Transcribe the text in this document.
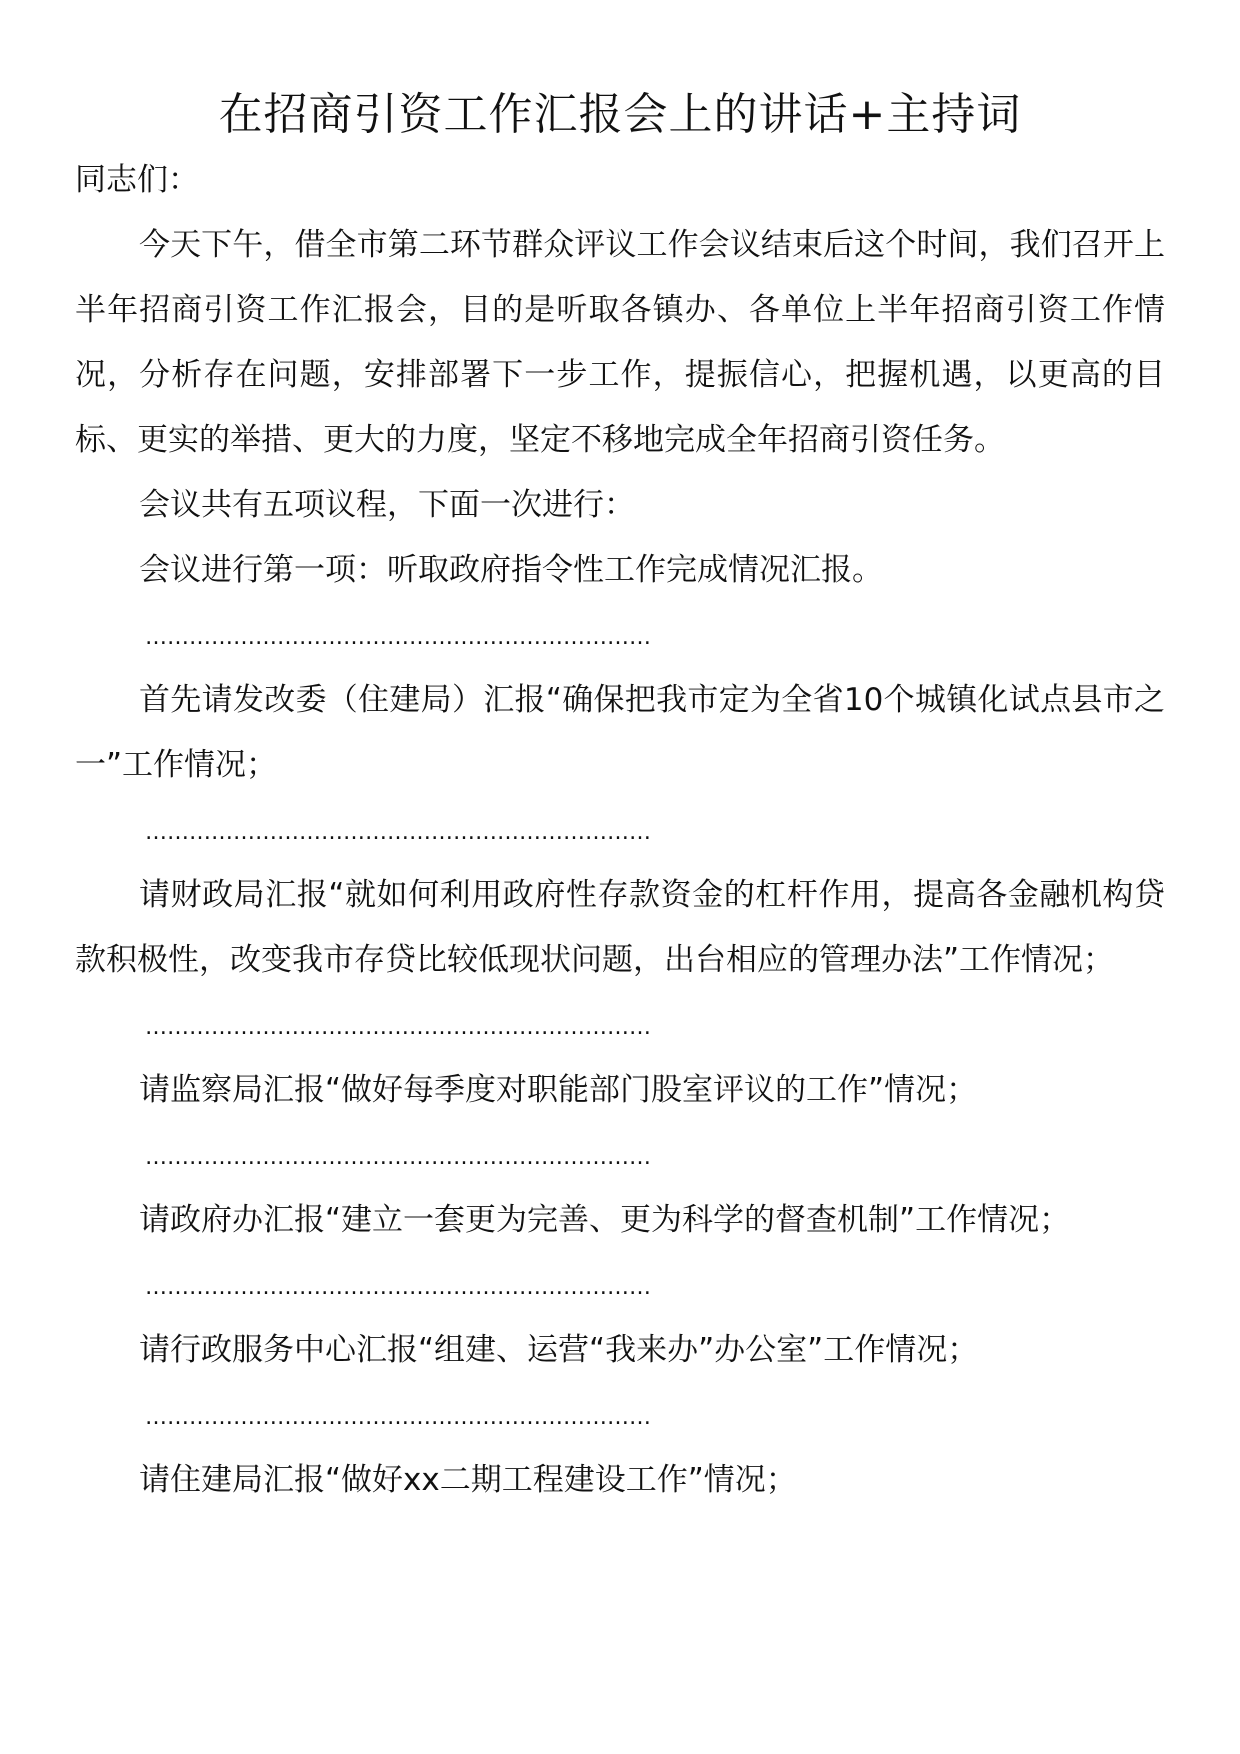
在招商引资工作汇报会上的讲话+主持词

同志们：

今天下午，借全市第二环节群众评议工作会议结束后这个时间，我们召开上半年招商引资工作汇报会，目的是听取各镇办、各单位上半年招商引资工作情况，分析存在问题，安排部署下一步工作，提振信心，把握机遇，以更高的目标、更实的举措、更大的力度，坚定不移地完成全年招商引资任务。

会议共有五项议程，下面一次进行：

会议进行第一项：听取政府指令性工作完成情况汇报。

……………………………………………………………

首先请发改委（住建局）汇报“确保把我市定为全省10个城镇化试点县市之一”工作情况；

……………………………………………………………

请财政局汇报“就如何利用政府性存款资金的杠杆作用，提高各金融机构贷款积极性，改变我市存贷比较低现状问题，出台相应的管理办法”工作情况；

……………………………………………………………

请监察局汇报“做好每季度对职能部门股室评议的工作”情况；

……………………………………………………………

请政府办汇报“建立一套更为完善、更为科学的督查机制”工作情况；

……………………………………………………………

请行政服务中心汇报“组建、运营“我来办”办公室”工作情况；

……………………………………………………………

请住建局汇报“做好xx二期工程建设工作”情况；
